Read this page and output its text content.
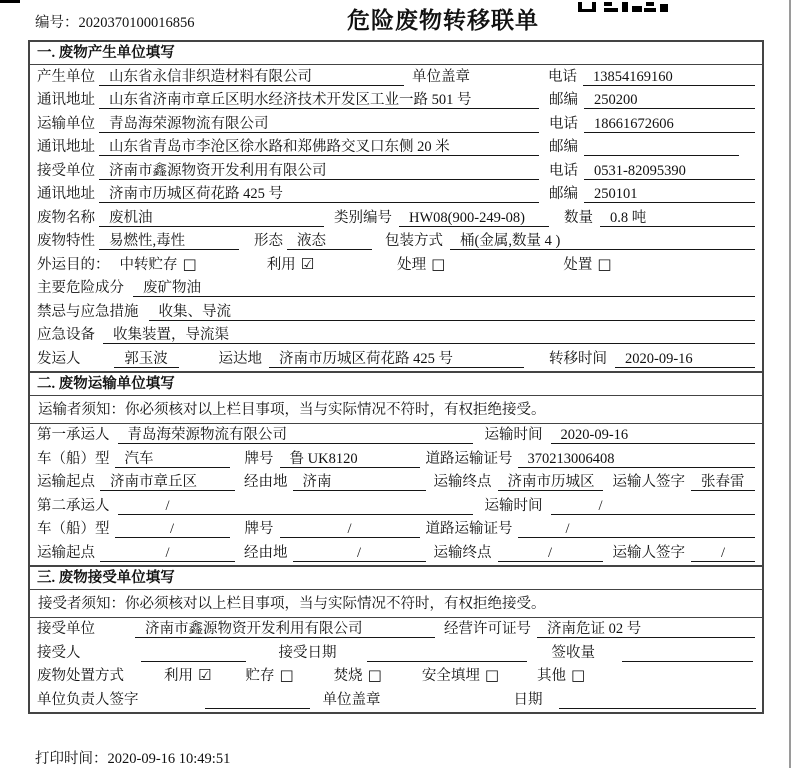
编号：2020370100016856	危险废物转移联单
一. 废物产生单位填写
产生单位 山东省永信非织造材料有限公司	单位盖章	电话	13854169160
通讯地址 山东省济南市章丘区明水经济技术开发区工业一路 501 号	邮编	250200
运输单位 青岛海荣源物流有限公司	电话	18661672606
通讯地址 山东省青岛市李沧区徐水路和郑佛路交叉口东侧 20 米	邮编
接受单位 济南市鑫源物资开发利用有限公司	电话	0531-82095390
通讯地址 济南市历城区荷花路 425 号	邮编	250101
废物名称 废机油	类别编号	HW08(900-249-08)	数量	0.8 吨
废物特性 易燃性,毒性	形态 液态	包装方式	桶(金属,数量 4 )
外运目的： 中转贮存 □	利用 ☑	处理 □	处置 □
主要危险成分	废矿物油
禁忌与应急措施	收集、导流
应急设备	收集装置，导流渠
发运人	郭玉波	运达地	济南市历城区荷花路 425 号	转移时间	2020-09-16
二. 废物运输单位填写
运输者须知：你必须核对以上栏目事项，当与实际情况不符时，有权拒绝接受。
第一承运人	青岛海荣源物流有限公司	运输时间	2020-09-16
车（船）型	汽车	牌号	鲁 UK8120	道路运输证号	370213006408
运输起点	济南市章丘区	经由地	济南	运输终点	济南市历城区	运输人签字	张春雷
第二承运人	/	运输时间	/
车（船）型	/	牌号	/	道路运输证号	/
运输起点	/	经由地	/	运输终点	/	运输人签字	/
三. 废物接受单位填写
接受者须知：你必须核对以上栏目事项，当与实际情况不符时，有权拒绝接受。
接受单位	济南市鑫源物资开发利用有限公司	经营许可证号	济南危证 02 号
接受人	接受日期	签收量
废物处置方式	利用 ☑ 贮存 □	焚烧 □	安全填埋 □	其他 □
单位负责人签字	单位盖章	日期
打印时间：2020-09-16 10:49:51
